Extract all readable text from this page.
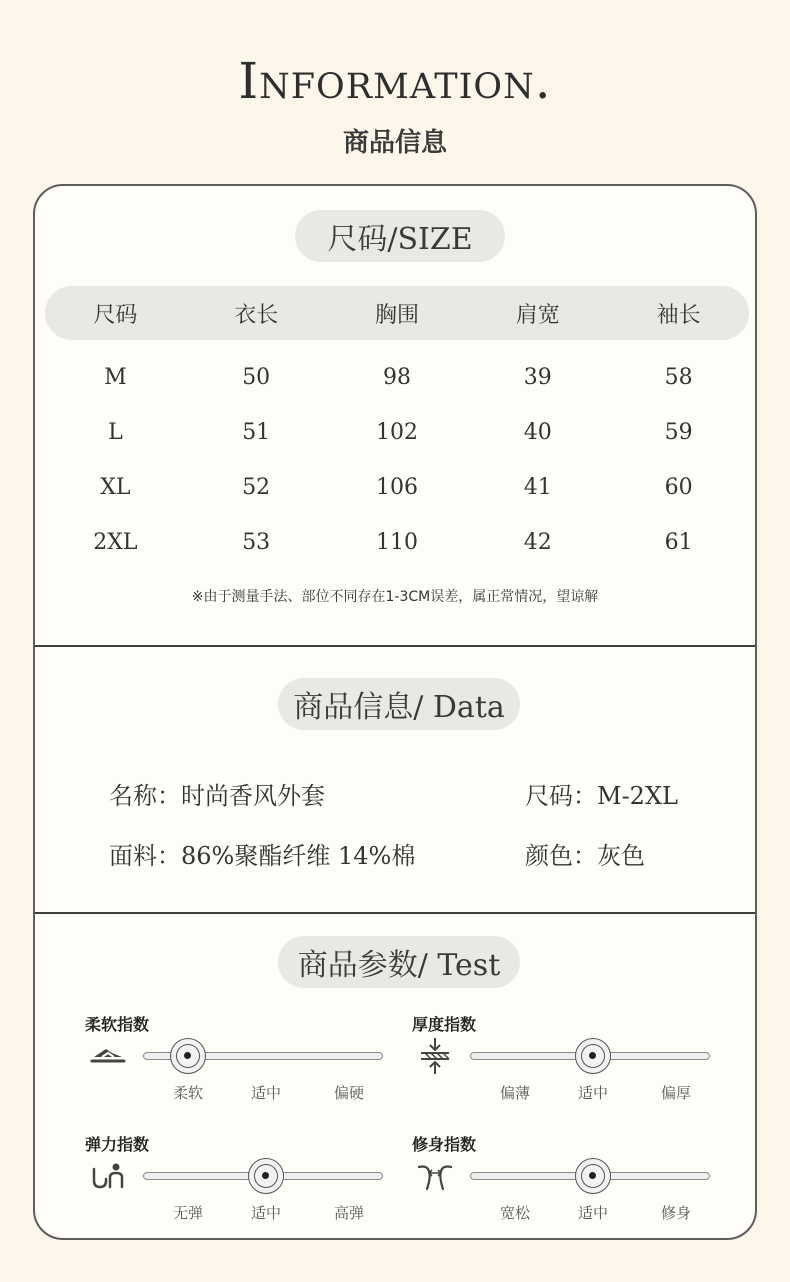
Information.
商品信息
尺码/SIZE
尺码	衣长	胸围	肩宽	袖长
M	50	98	39	58
L	51	102	40	59
XL	52	106	41	60
2XL	53	110	42	61
※由于测量手法、部位不同存在1-3CM误差，属正常情况，望谅解
商品信息/ Data
名称：时尚香风外套	尺码：M-2XL
面料：86%聚酯纤维 14%棉	颜色：灰色
商品参数/ Test
柔软指数
柔软	适中	偏硬
厚度指数
偏薄	适中	偏厚
弹力指数
无弹	适中	高弹
修身指数
宽松	适中	修身
